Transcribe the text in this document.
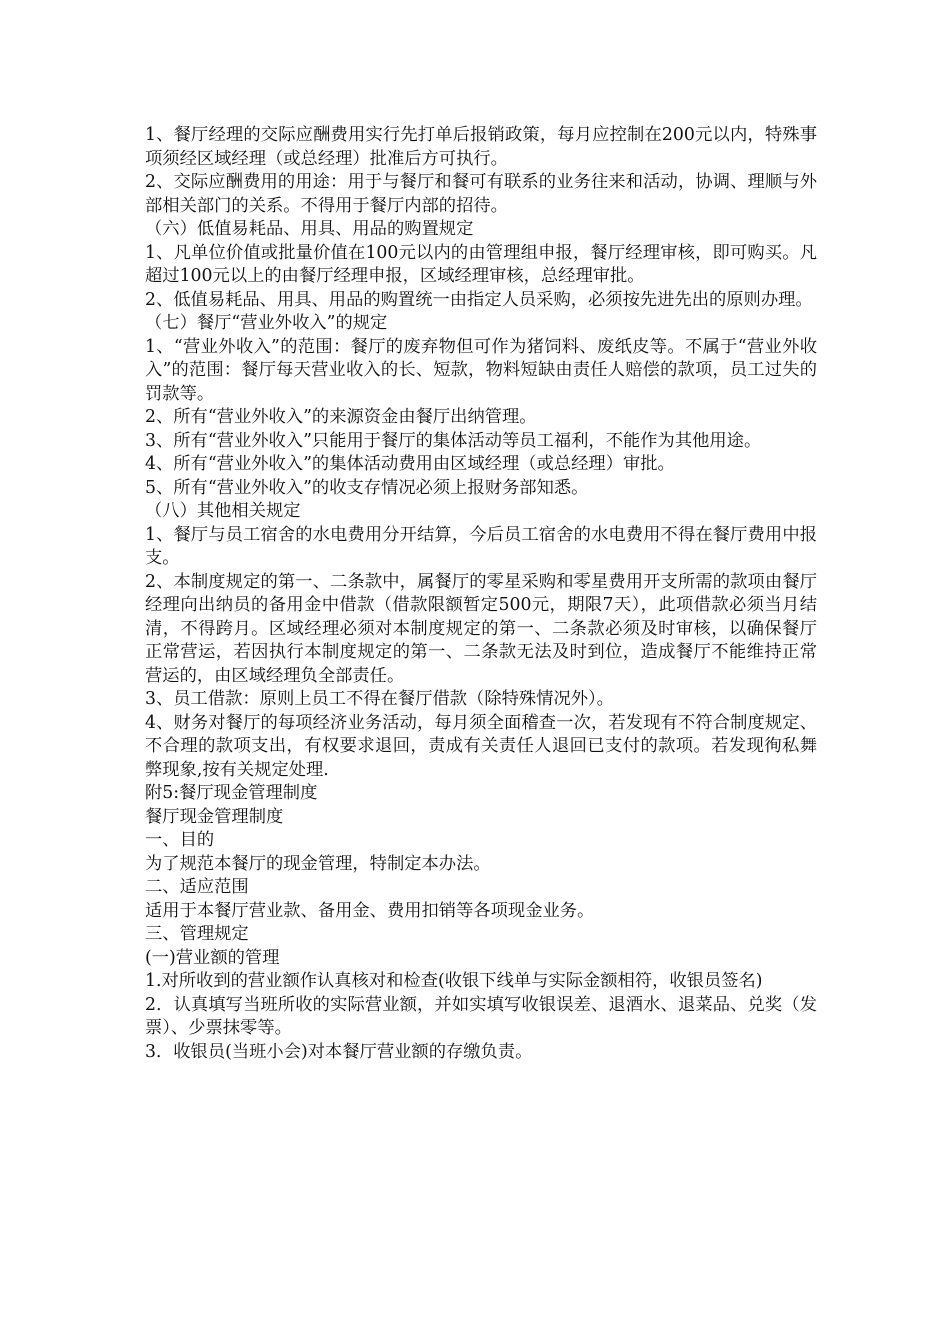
1、餐厅经理的交际应酬费用实行先打单后报销政策，每月应控制在200元以内，特殊事项须经区域经理（或总经理）批准后方可执行。

2、交际应酬费用的用途：用于与餐厅和餐可有联系的业务往来和活动，协调、理顺与外部相关部门的关系。不得用于餐厅内部的招待。

（六）低值易耗品、用具、用品的购置规定

1、凡单位价值或批量价值在100元以内的由管理组申报，餐厅经理审核，即可购买。凡超过100元以上的由餐厅经理申报，区域经理审核，总经理审批。

2、低值易耗品、用具、用品的购置统一由指定人员采购，必须按先进先出的原则办理。

（七）餐厅“营业外收入”的规定

1、“营业外收入”的范围：餐厅的废弃物但可作为猪饲料、废纸皮等。不属于“营业外收入”的范围：餐厅每天营业收入的长、短款，物料短缺由责任人赔偿的款项，员工过失的罚款等。

2、所有“营业外收入”的来源资金由餐厅出纳管理。

3、所有“营业外收入”只能用于餐厅的集体活动等员工福利，不能作为其他用途。

4、所有“营业外收入”的集体活动费用由区域经理（或总经理）审批。

5、所有“营业外收入”的收支存情况必须上报财务部知悉。

（八）其他相关规定

1、餐厅与员工宿舍的水电费用分开结算，今后员工宿舍的水电费用不得在餐厅费用中报支。

2、本制度规定的第一、二条款中，属餐厅的零星采购和零星费用开支所需的款项由餐厅经理向出纳员的备用金中借款（借款限额暂定500元，期限7天），此项借款必须当月结清，不得跨月。区域经理必须对本制度规定的第一、二条款必须及时审核，以确保餐厅正常营运，若因执行本制度规定的第一、二条款无法及时到位，造成餐厅不能维持正常营运的，由区域经理负全部责任。

3、员工借款：原则上员工不得在餐厅借款（除特殊情况外）。

4、财务对餐厅的每项经济业务活动，每月须全面稽查一次，若发现有不符合制度规定、不合理的款项支出，有权要求退回，责成有关责任人退回已支付的款项。若发现徇私舞弊现象,按有关规定处理.

附5:餐厅现金管理制度

餐厅现金管理制度

一、目的

为了规范本餐厅的现金管理，特制定本办法。

二、适应范围

适用于本餐厅营业款、备用金、费用扣销等各项现金业务。

三、管理规定

(一)营业额的管理

1.对所收到的营业额作认真核对和检查(收银下线单与实际金额相符，收银员签名)

2．认真填写当班所收的实际营业额，并如实填写收银误差、退酒水、退菜品、兑奖（发票）、少票抹零等。

3．收银员(当班小会)对本餐厅营业额的存缴负责。
